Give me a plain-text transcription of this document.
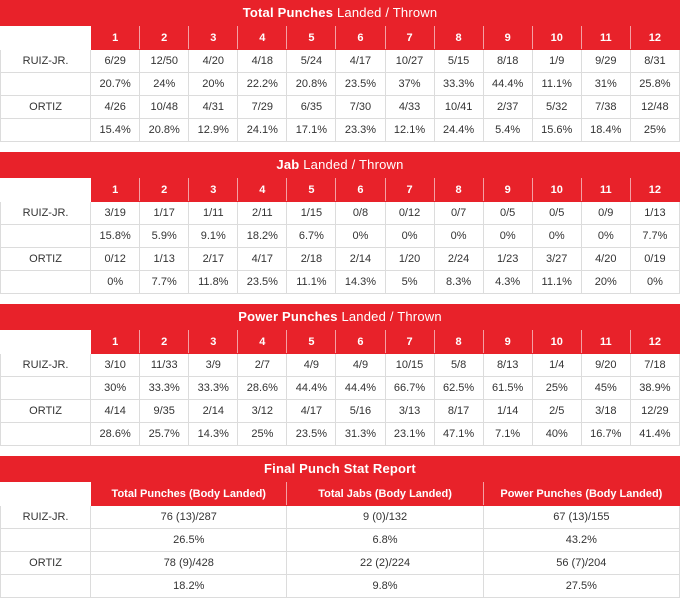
Total Punches Landed / Thrown
	1	2	3	4	5	6	7	8	9	10	11	12
RUIZ-JR.	6/29	12/50	4/20	4/18	5/24	4/17	10/27	5/15	8/18	1/9	9/29	8/31
	20.7%	24%	20%	22.2%	20.8%	23.5%	37%	33.3%	44.4%	11.1%	31%	25.8%
ORTIZ	4/26	10/48	4/31	7/29	6/35	7/30	4/33	10/41	2/37	5/32	7/38	12/48
	15.4%	20.8%	12.9%	24.1%	17.1%	23.3%	12.1%	24.4%	5.4%	15.6%	18.4%	25%
Jab Landed / Thrown
	1	2	3	4	5	6	7	8	9	10	11	12
RUIZ-JR.	3/19	1/17	1/11	2/11	1/15	0/8	0/12	0/7	0/5	0/5	0/9	1/13
	15.8%	5.9%	9.1%	18.2%	6.7%	0%	0%	0%	0%	0%	0%	7.7%
ORTIZ	0/12	1/13	2/17	4/17	2/18	2/14	1/20	2/24	1/23	3/27	4/20	0/19
	0%	7.7%	11.8%	23.5%	11.1%	14.3%	5%	8.3%	4.3%	11.1%	20%	0%
Power Punches Landed / Thrown
	1	2	3	4	5	6	7	8	9	10	11	12
RUIZ-JR.	3/10	11/33	3/9	2/7	4/9	4/9	10/15	5/8	8/13	1/4	9/20	7/18
	30%	33.3%	33.3%	28.6%	44.4%	44.4%	66.7%	62.5%	61.5%	25%	45%	38.9%
ORTIZ	4/14	9/35	2/14	3/12	4/17	5/16	3/13	8/17	1/14	2/5	3/18	12/29
	28.6%	25.7%	14.3%	25%	23.5%	31.3%	23.1%	47.1%	7.1%	40%	16.7%	41.4%
Final Punch Stat Report
	Total Punches (Body Landed)	Total Jabs (Body Landed)	Power Punches (Body Landed)
RUIZ-JR.	76 (13)/287	9 (0)/132	67 (13)/155
	26.5%	6.8%	43.2%
ORTIZ	78 (9)/428	22 (2)/224	56 (7)/204
	18.2%	9.8%	27.5%
